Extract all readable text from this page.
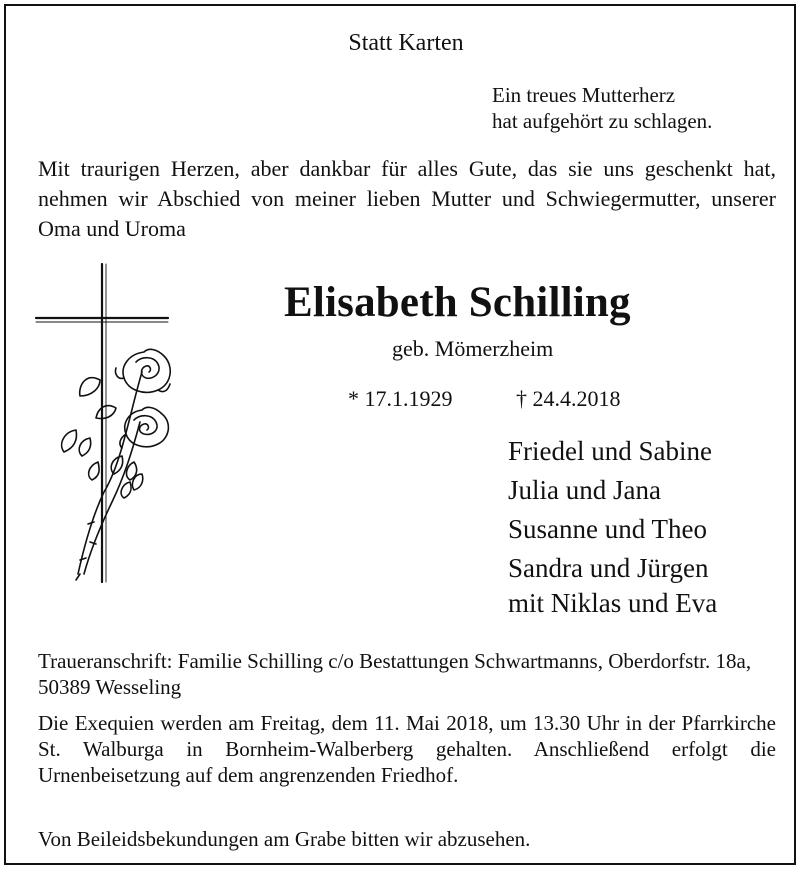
Statt Karten
Ein treues Mutterherz
hat aufgehört zu schlagen.
Mit traurigen Herzen, aber dankbar für alles Gute, das sie uns geschenkt hat, nehmen wir Abschied von meiner lieben Mutter und Schwiegermutter, unserer Oma und Uroma
Elisabeth Schilling
geb. Mömerzheim
* 17.1.1929	† 24.4.2018
Friedel und Sabine
Julia und Jana
Susanne und Theo
Sandra und Jürgen
mit Niklas und Eva
Traueranschrift: Familie Schilling c/o Bestattungen Schwartmanns, Oberdorfstr. 18a, 50389 Wesseling
Die Exequien werden am Freitag, dem 11. Mai 2018, um 13.30 Uhr in der Pfarrkirche St. Walburga in Bornheim-Walberberg gehalten. Anschließend erfolgt die Urnenbeisetzung auf dem angrenzenden Friedhof.
Von Beileidsbekundungen am Grabe bitten wir abzusehen.
